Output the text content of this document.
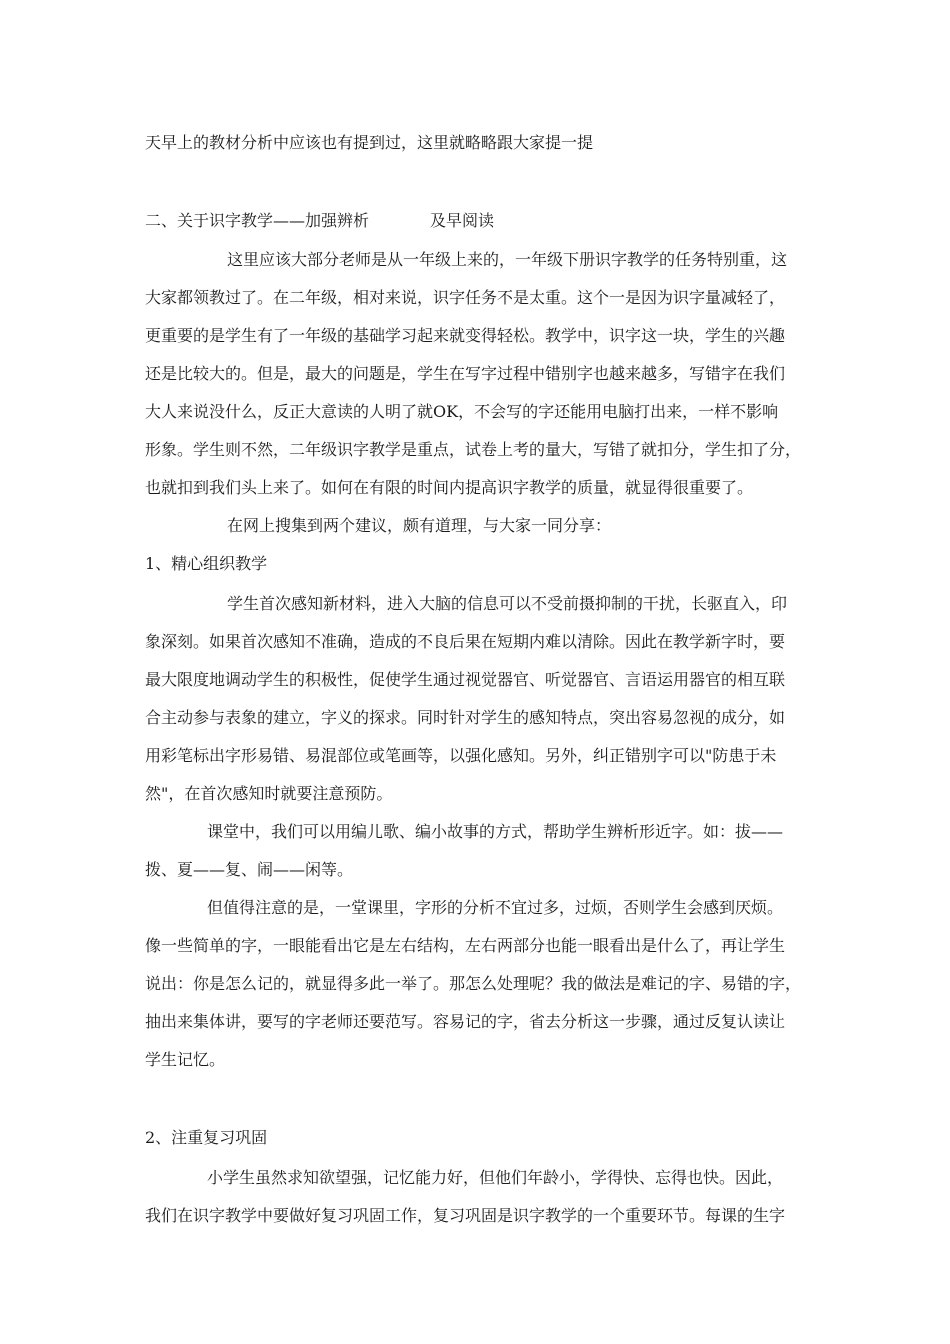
天早上的教材分析中应该也有提到过，这里就略略跟大家提一提
二、关于识字教学——加强辨析	及早阅读
这里应该大部分老师是从一年级上来的，一年级下册识字教学的任务特别重，这
大家都领教过了。在二年级，相对来说，识字任务不是太重。这个一是因为识字量减轻了，
更重要的是学生有了一年级的基础学习起来就变得轻松。教学中，识字这一块，学生的兴趣
还是比较大的。但是，最大的问题是，学生在写字过程中错别字也越来越多，写错字在我们
大人来说没什么，反正大意读的人明了就OK，不会写的字还能用电脑打出来，一样不影响
形象。学生则不然，二年级识字教学是重点，试卷上考的量大，写错了就扣分，学生扣了分，
也就扣到我们头上来了。如何在有限的时间内提高识字教学的质量，就显得很重要了。
在网上搜集到两个建议，颇有道理，与大家一同分享：
1、精心组织教学
学生首次感知新材料，进入大脑的信息可以不受前摄抑制的干扰，长驱直入，印
象深刻。如果首次感知不准确，造成的不良后果在短期内难以清除。因此在教学新字时，要
最大限度地调动学生的积极性，促使学生通过视觉器官、听觉器官、言语运用器官的相互联
合主动参与表象的建立，字义的探求。同时针对学生的感知特点，突出容易忽视的成分，如
用彩笔标出字形易错、易混部位或笔画等，以强化感知。另外，纠正错别字可以"防患于未
然"，在首次感知时就要注意预防。
课堂中，我们可以用编儿歌、编小故事的方式，帮助学生辨析形近字。如：拔——
拨、夏——复、闹——闲等。
但值得注意的是，一堂课里，字形的分析不宜过多，过烦，否则学生会感到厌烦。
像一些简单的字，一眼能看出它是左右结构，左右两部分也能一眼看出是什么了，再让学生
说出：你是怎么记的，就显得多此一举了。那怎么处理呢？我的做法是难记的字、易错的字，
抽出来集体讲，要写的字老师还要范写。容易记的字，省去分析这一步骤，通过反复认读让
学生记忆。
2、注重复习巩固
小学生虽然求知欲望强，记忆能力好，但他们年龄小，学得快、忘得也快。因此，
我们在识字教学中要做好复习巩固工作，复习巩固是识字教学的一个重要环节。每课的生字
